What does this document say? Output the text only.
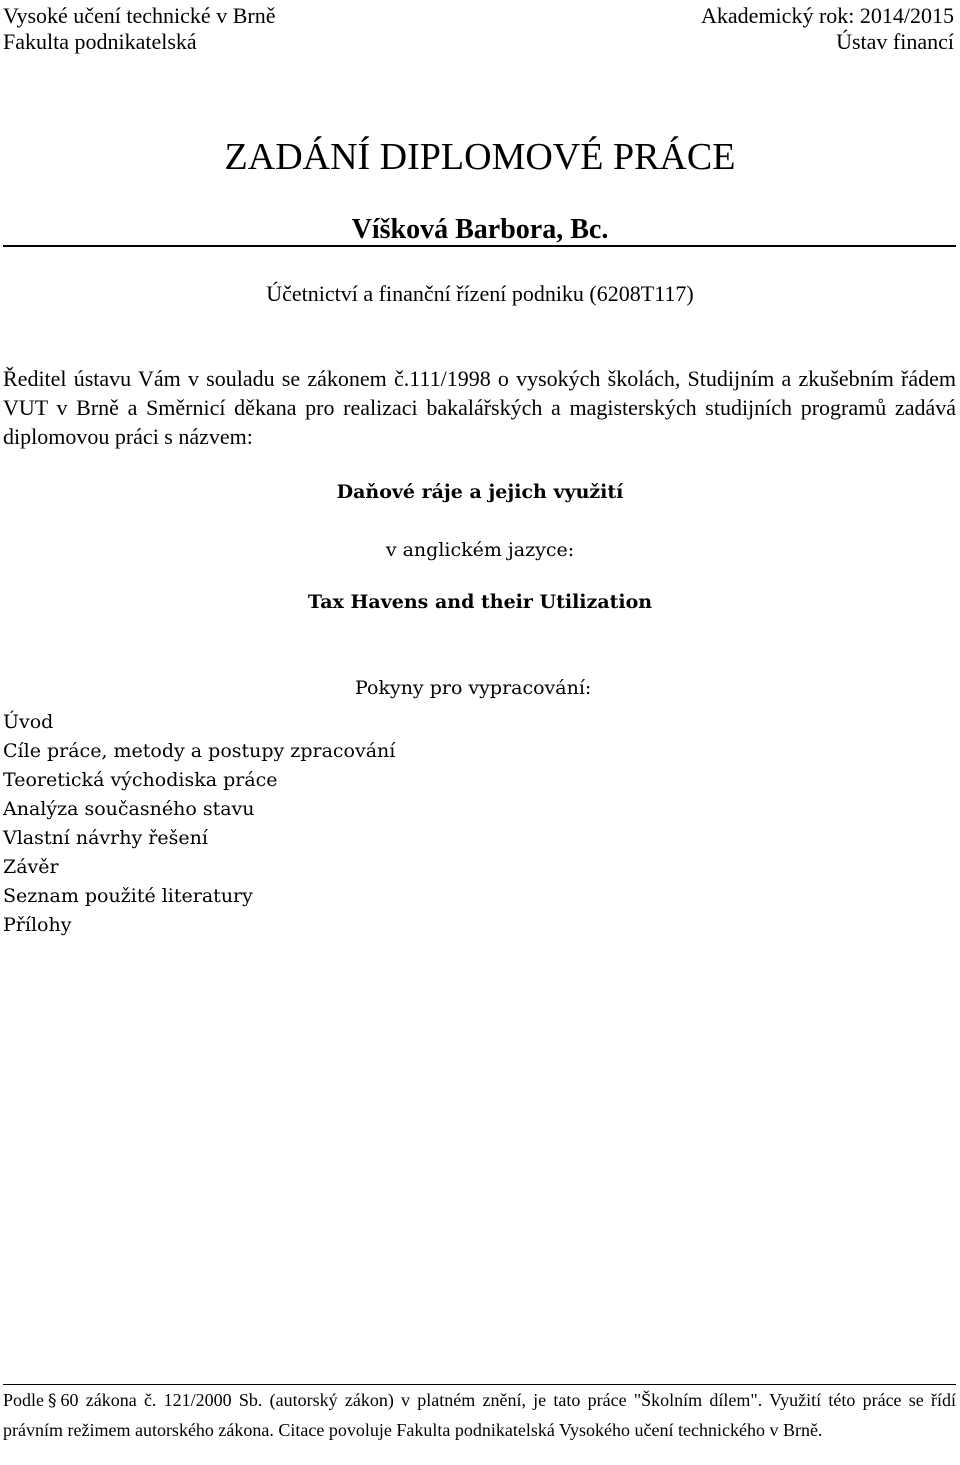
Vysoké učení technické v Brně
Fakulta podnikatelská
Akademický rok: 2014/2015
Ústav financí
ZADÁNÍ DIPLOMOVÉ PRÁCE
Víšková Barbora, Bc.
Účetnictví a finanční řízení podniku (6208T117)
Ředitel ústavu Vám v souladu se zákonem č.111/1998 o vysokých školách, Studijním a zkušebním řádem VUT v Brně a Směrnicí děkana pro realizaci bakalářských a magisterských studijních programů zadává diplomovou práci s názvem:
Daňové ráje a jejich využití
v anglickém jazyce:
Tax Havens and their Utilization
Pokyny pro vypracování:
Úvod
Cíle práce, metody a postupy zpracování
Teoretická východiska práce
Analýza současného stavu
Vlastní návrhy řešení
Závěr
Seznam použité literatury
Přílohy
Podle § 60 zákona č. 121/2000 Sb. (autorský zákon) v platném znění, je tato práce "Školním dílem". Využití této práce se řídí právním režimem autorského zákona. Citace povoluje Fakulta podnikatelská Vysokého učení technického v Brně.
